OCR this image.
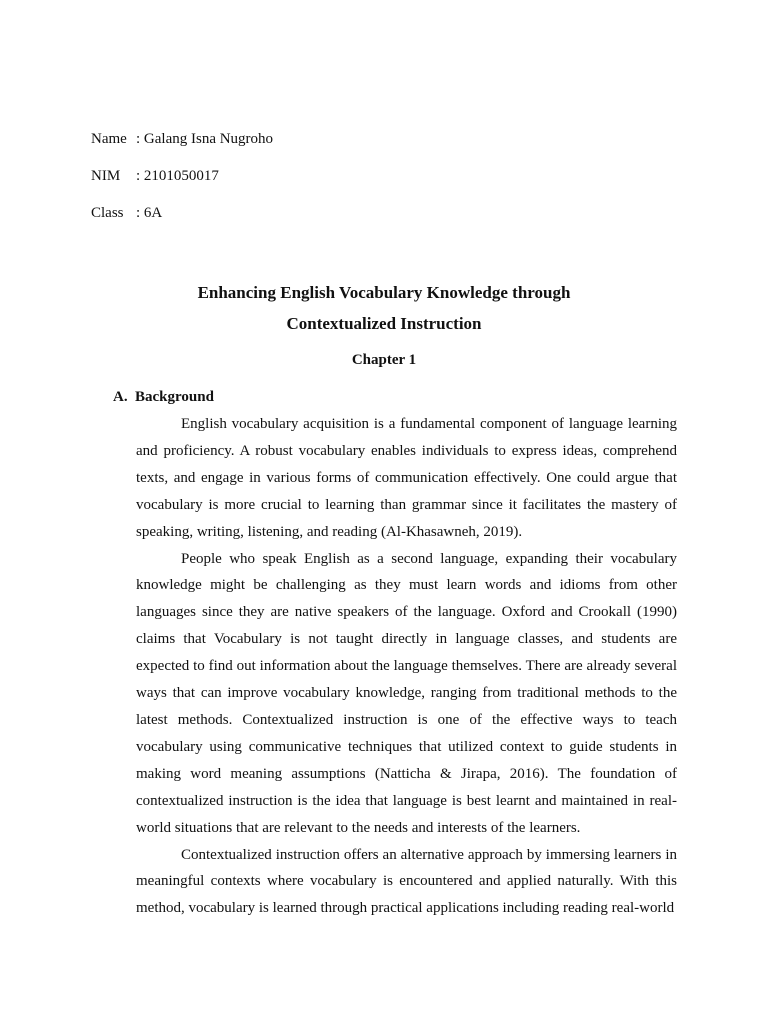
Name : Galang Isna Nugroho
NIM	: 2101050017
Class : 6A
Enhancing English Vocabulary Knowledge through
Contextualized Instruction
Chapter 1
A. Background

English vocabulary acquisition is a fundamental component of language learning and proficiency. A robust vocabulary enables individuals to express ideas, comprehend texts, and engage in various forms of communication effectively. One could argue that vocabulary is more crucial to learning than grammar since it facilitates the mastery of speaking, writing, listening, and reading (Al-Khasawneh, 2019).

People who speak English as a second language, expanding their vocabulary knowledge might be challenging as they must learn words and idioms from other languages since they are native speakers of the language. Oxford and Crookall (1990) claims that Vocabulary is not taught directly in language classes, and students are expected to find out information about the language themselves. There are already several ways that can improve vocabulary knowledge, ranging from traditional methods to the latest methods. Contextualized instruction is one of the effective ways to teach vocabulary using communicative techniques that utilized context to guide students in making word meaning assumptions (Natticha & Jirapa, 2016). The foundation of contextualized instruction is the idea that language is best learnt and maintained in real-world situations that are relevant to the needs and interests of the learners.

Contextualized instruction offers an alternative approach by immersing learners in meaningful contexts where vocabulary is encountered and applied naturally. With this method, vocabulary is learned through practical applications including reading real-world
